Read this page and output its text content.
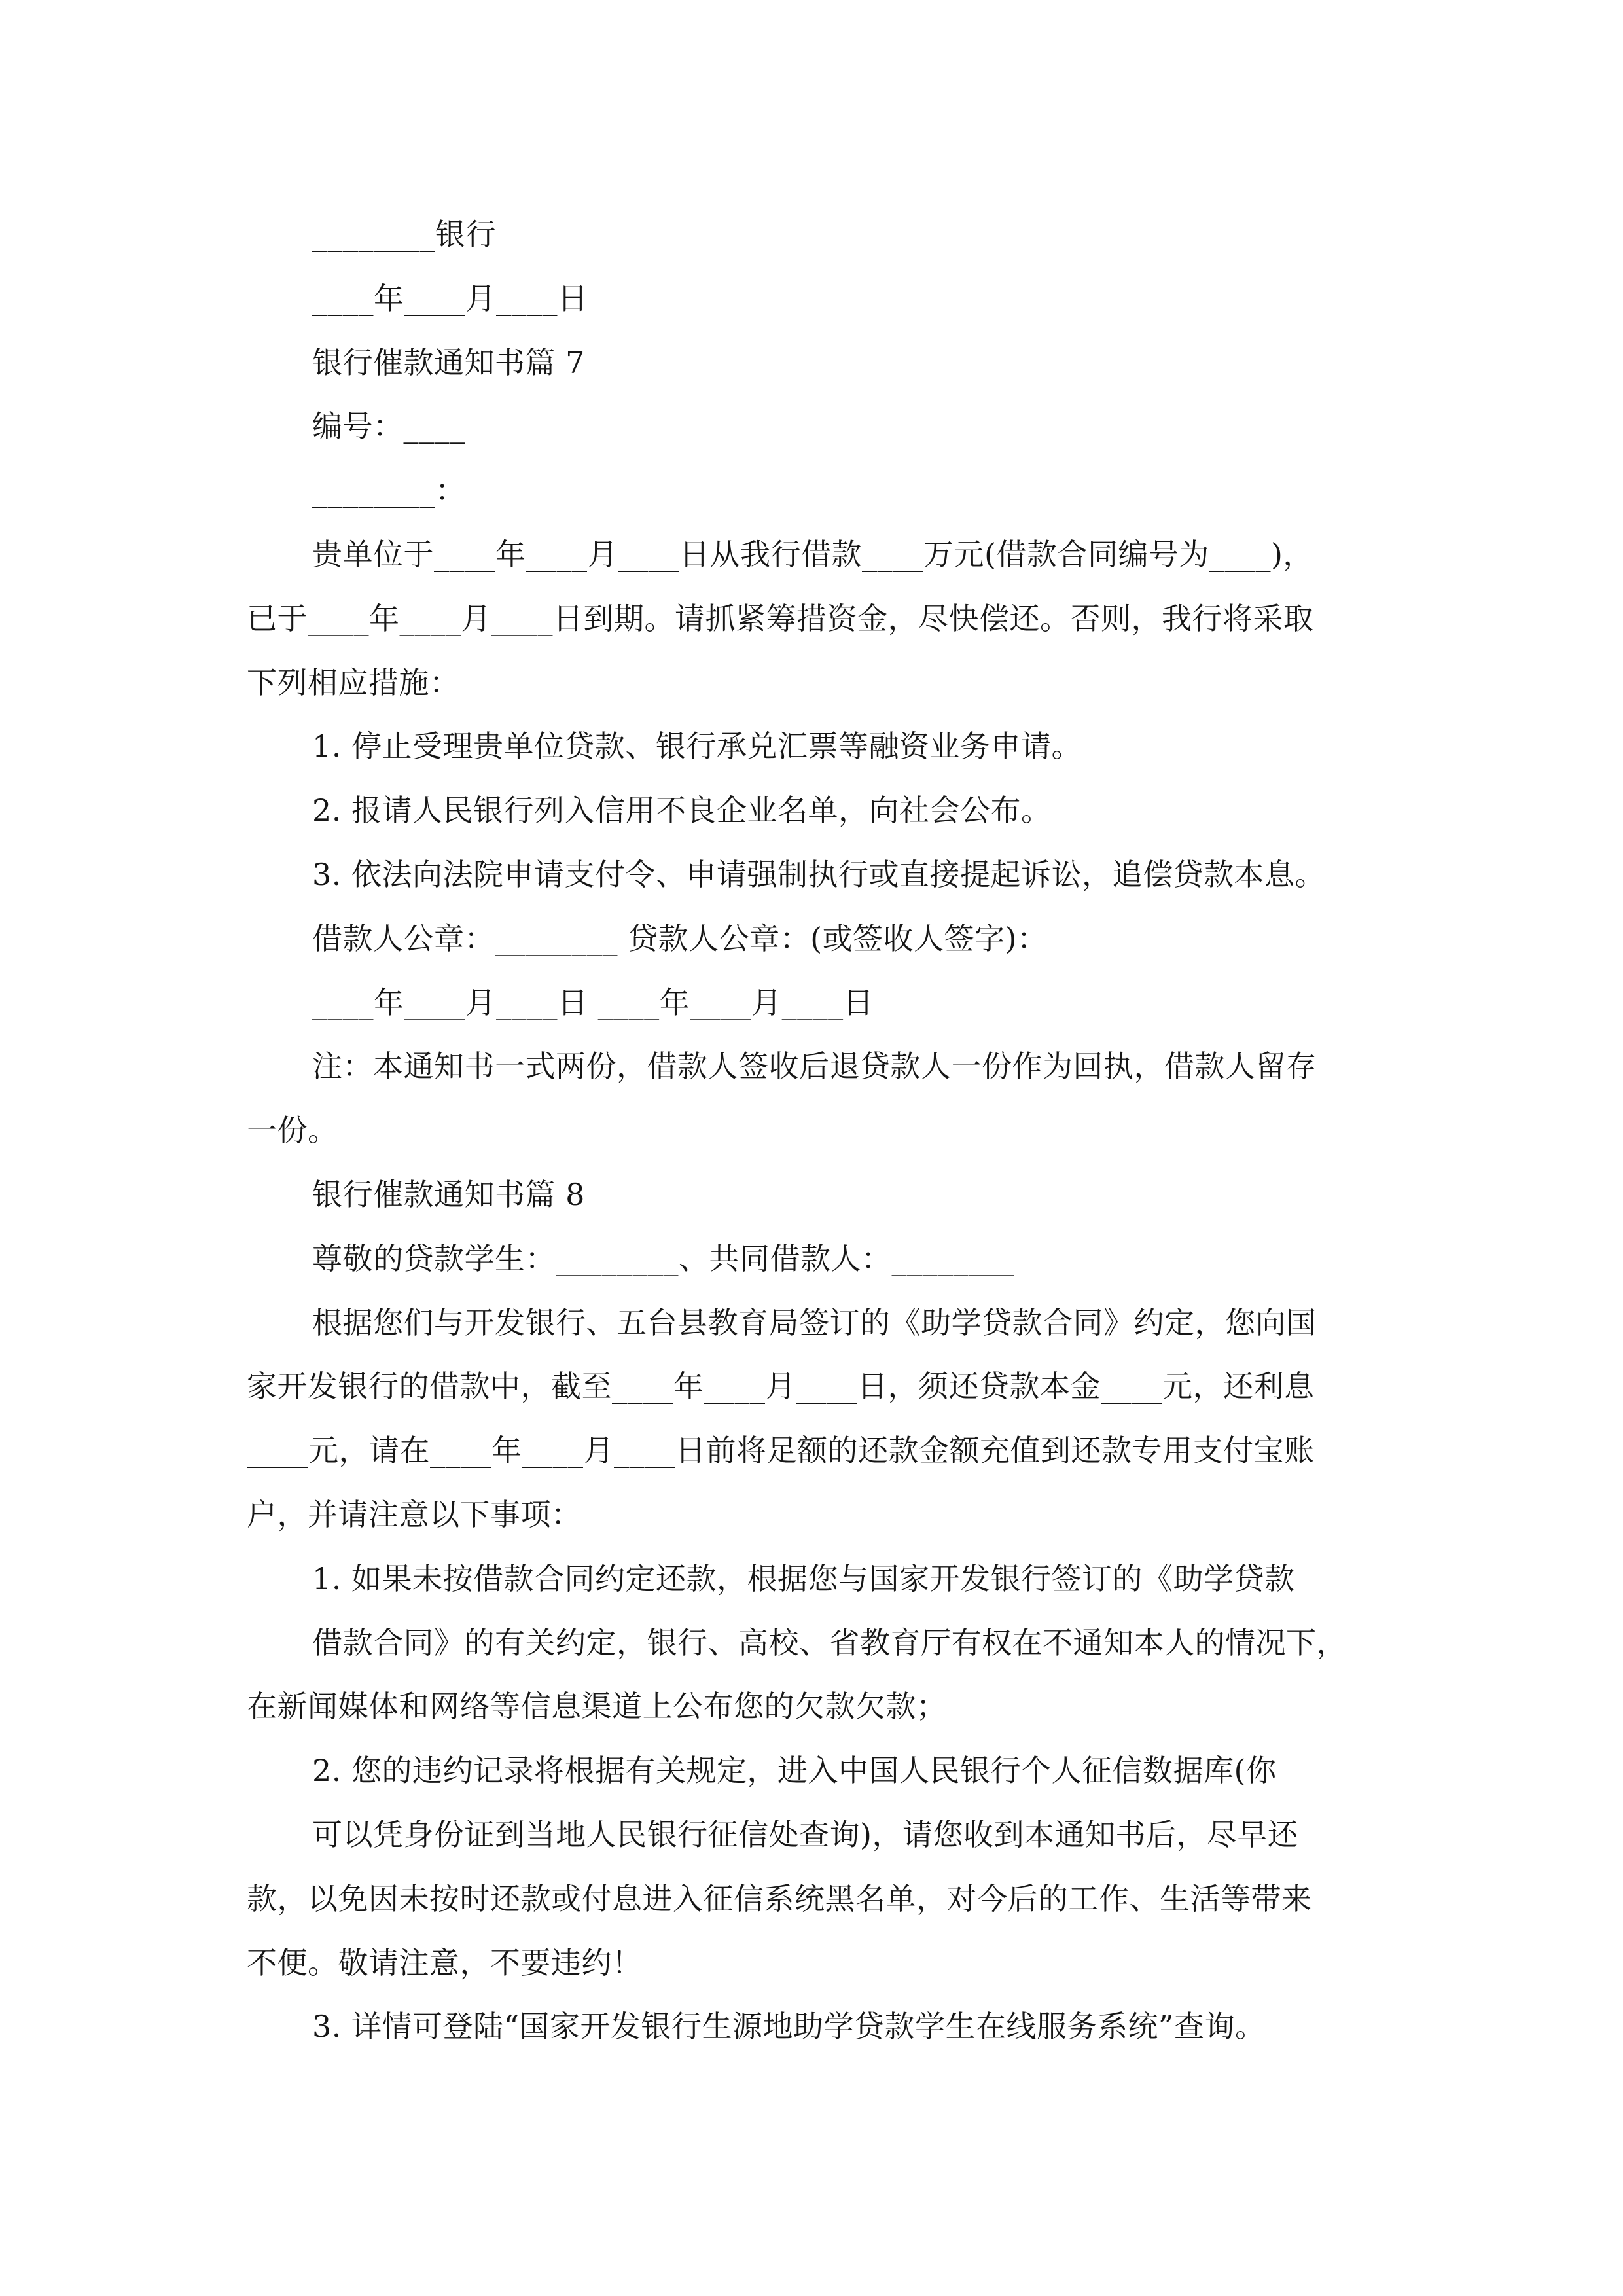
________银行
____年____月____日
银行催款通知书篇 7
编号：____
________：
贵单位于____年____月____日从我行借款____万元(借款合同编号为____)，
已于____年____月____日到期。请抓紧筹措资金，尽快偿还。否则，我行将采取
下列相应措施：
1. 停止受理贵单位贷款、银行承兑汇票等融资业务申请。
2. 报请人民银行列入信用不良企业名单，向社会公布。
3. 依法向法院申请支付令、申请强制执行或直接提起诉讼，追偿贷款本息。
借款人公章：________ 贷款人公章：(或签收人签字)：
____年____月____日 ____年____月____日
注：本通知书一式两份，借款人签收后退贷款人一份作为回执，借款人留存
一份。
银行催款通知书篇 8
尊敬的贷款学生：________、共同借款人：________
根据您们与开发银行、五台县教育局签订的《助学贷款合同》约定，您向国
家开发银行的借款中，截至____年____月____日，须还贷款本金____元，还利息
____元，请在____年____月____日前将足额的还款金额充值到还款专用支付宝账
户，并请注意以下事项：
1. 如果未按借款合同约定还款，根据您与国家开发银行签订的《助学贷款
借款合同》的有关约定，银行、高校、省教育厅有权在不通知本人的情况下，
在新闻媒体和网络等信息渠道上公布您的欠款欠款；
2. 您的违约记录将根据有关规定，进入中国人民银行个人征信数据库(你
可以凭身份证到当地人民银行征信处查询)，请您收到本通知书后，尽早还
款，以免因未按时还款或付息进入征信系统黑名单，对今后的工作、生活等带来
不便。敬请注意，不要违约！
3. 详情可登陆“国家开发银行生源地助学贷款学生在线服务系统”查询。
